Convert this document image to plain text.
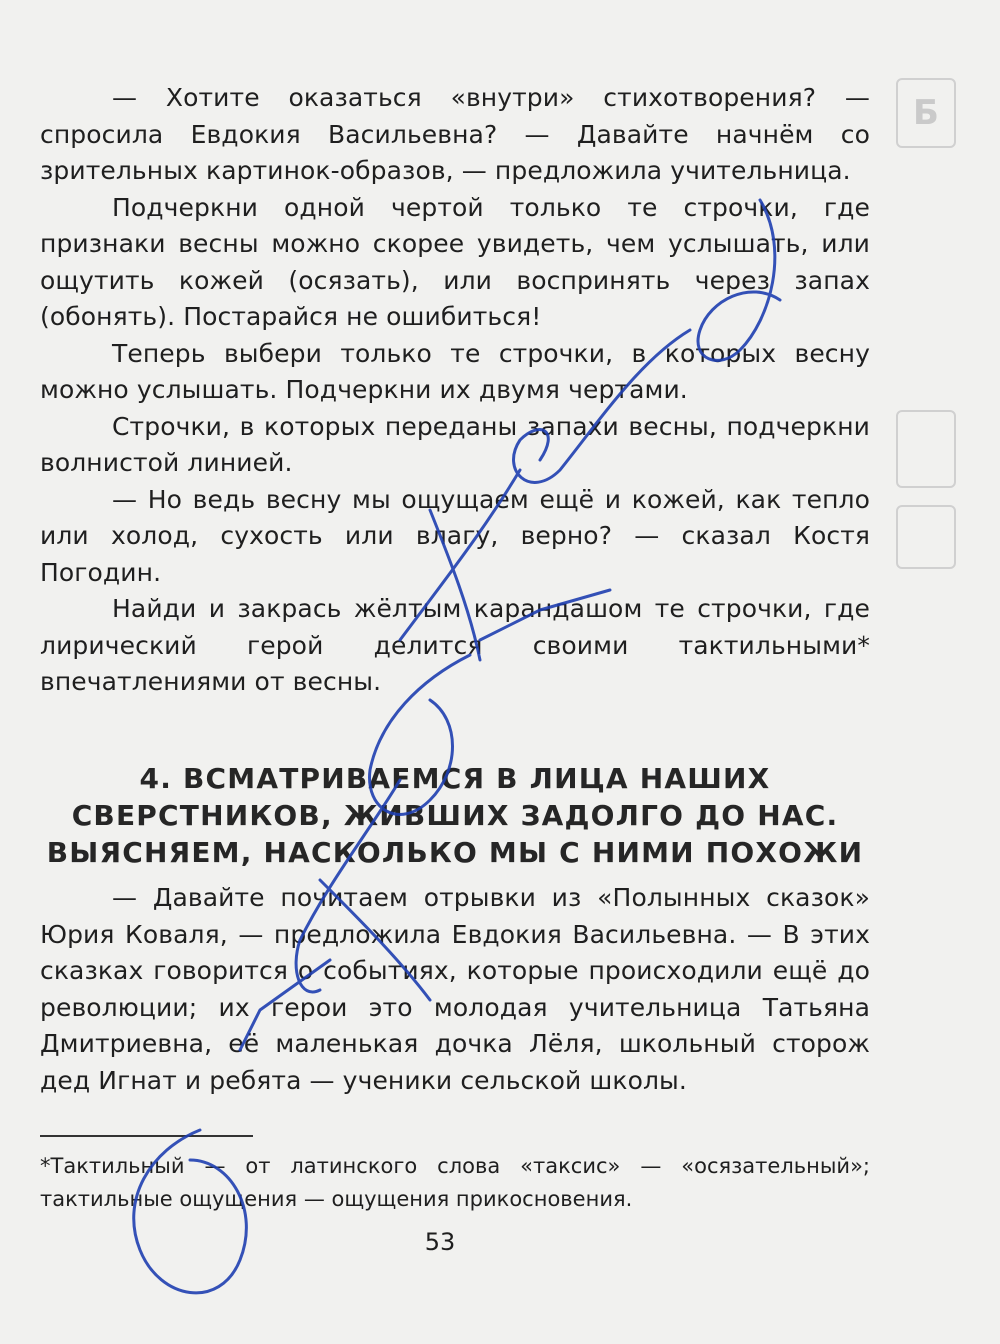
Б

— Хотите оказаться «внутри» стихотворения? — спросила Евдокия Васильевна? — Давайте начнём со зрительных картинок-образов, — предложила учительница.

Подчеркни одной чертой только те строчки, где признаки весны можно скорее увидеть, чем услышать, или ощутить кожей (осязать), или воспринять через запах (обонять). Постарайся не ошибиться!

Теперь выбери только те строчки, в которых весну можно услышать. Подчеркни их двумя чертами.

Строчки, в которых переданы запахи весны, подчеркни волнистой линией.

— Но ведь весну мы ощущаем ещё и кожей, как тепло или холод, сухость или влагу, верно? — сказал Костя Погодин.

Найди и закрась жёлтым карандашом те строчки, где лирический герой делится своими тактильными* впечатлениями от весны.

4. ВСМАТРИВАЕМСЯ В ЛИЦА НАШИХ
СВЕРСТНИКОВ, ЖИВШИХ ЗАДОЛГО ДО НАС.
ВЫЯСНЯЕМ, НАСКОЛЬКО МЫ С НИМИ ПОХОЖИ

— Давайте почитаем отрывки из «Полынных сказок» Юрия Коваля, — предложила Евдокия Васильевна. — В этих сказках говорится о событиях, которые происходили ещё до революции; их герои это молодая учительница Татьяна Дмитриевна, её маленькая дочка Лёля, школьный сторож дед Игнат и ребята — ученики сельской школы.

*Тактильный — от латинского слова «таксис» — «осязательный»; тактильные ощущения — ощущения прикосновения.
53
